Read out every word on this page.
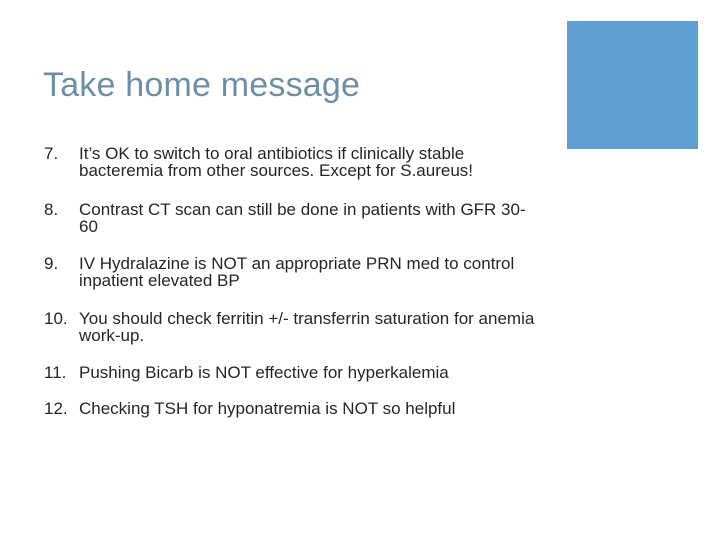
Take home message
7. It’s OK to switch to oral antibiotics if clinically stable bacteremia from other sources. Except for S.aureus!
8. Contrast CT scan can still be done in patients with GFR 30-60
9. IV Hydralazine is NOT an appropriate PRN med to control inpatient elevated BP
10. You should check ferritin +/- transferrin saturation for anemia work-up.
11. Pushing Bicarb is NOT effective for hyperkalemia
12. Checking TSH for hyponatremia is NOT so helpful
